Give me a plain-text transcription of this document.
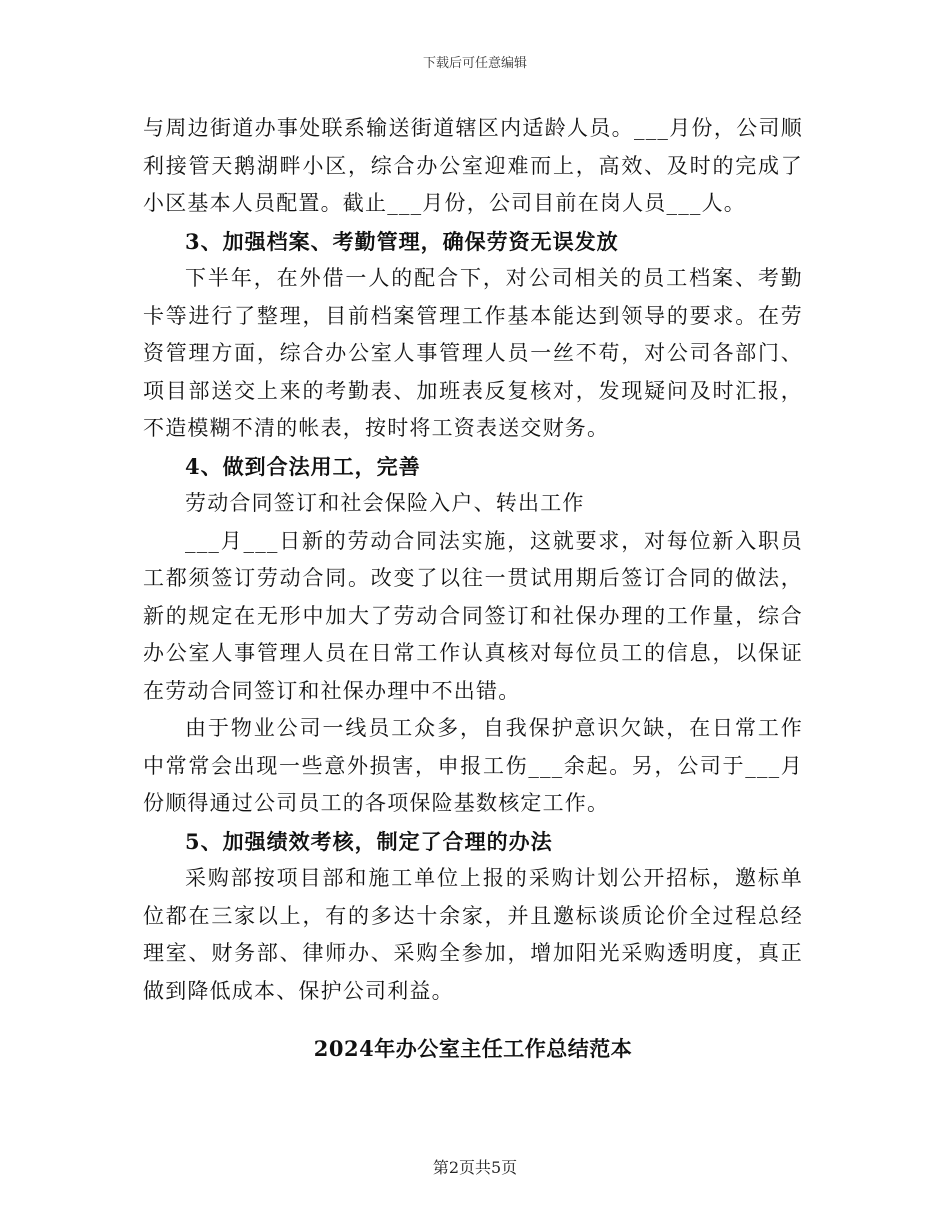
下载后可任意编辑

与周边街道办事处联系输送街道辖区内适龄人员。___月份，公司顺利接管天鹅湖畔小区，综合办公室迎难而上，高效、及时的完成了小区基本人员配置。截止___月份，公司目前在岗人员___人。

3、加强档案、考勤管理，确保劳资无误发放

下半年，在外借一人的配合下，对公司相关的员工档案、考勤卡等进行了整理，目前档案管理工作基本能达到领导的要求。在劳资管理方面，综合办公室人事管理人员一丝不苟，对公司各部门、项目部送交上来的考勤表、加班表反复核对，发现疑问及时汇报，不造模糊不清的帐表，按时将工资表送交财务。

4、做到合法用工，完善

劳动合同签订和社会保险入户、转出工作

___月___日新的劳动合同法实施，这就要求，对每位新入职员工都须签订劳动合同。改变了以往一贯试用期后签订合同的做法，新的规定在无形中加大了劳动合同签订和社保办理的工作量，综合办公室人事管理人员在日常工作认真核对每位员工的信息，以保证在劳动合同签订和社保办理中不出错。

由于物业公司一线员工众多，自我保护意识欠缺，在日常工作中常常会出现一些意外损害，申报工伤___余起。另，公司于___月份顺得通过公司员工的各项保险基数核定工作。

5、加强绩效考核，制定了合理的办法

采购部按项目部和施工单位上报的采购计划公开招标，邀标单位都在三家以上，有的多达十余家，并且邀标谈质论价全过程总经理室、财务部、律师办、采购全参加，增加阳光采购透明度，真正做到降低成本、保护公司利益。

2024年办公室主任工作总结范本

第2页共5页
